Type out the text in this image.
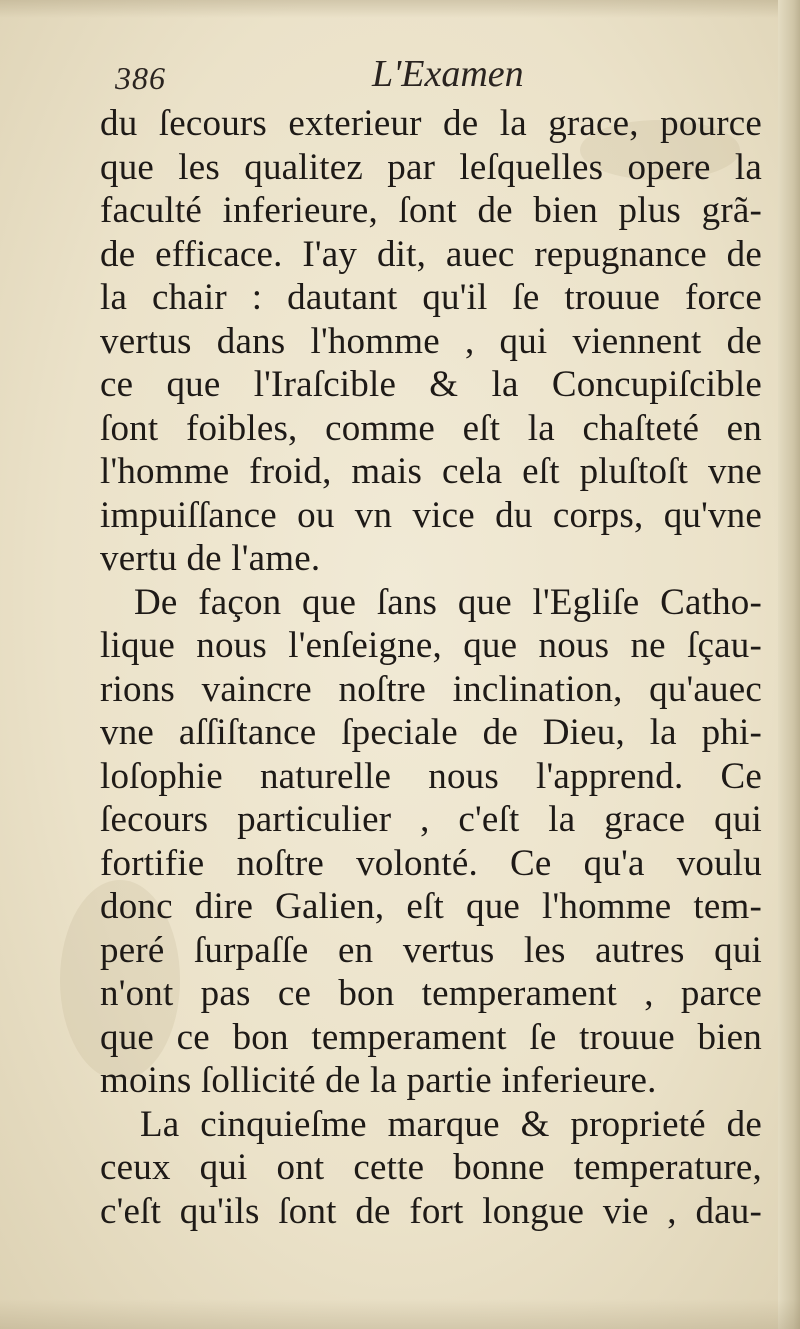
386	L'Examen
du ſecours exterieur de la grace, pource
que les qualitez par leſquelles opere la
faculté inferieure, ſont de bien plus grã-
de efficace. I'ay dit, auec repugnance de
la chair : dautant qu'il ſe trouue force
vertus dans l'homme , qui viennent de
ce que l'Iraſcible & la Concupiſcible
ſont foibles, comme eſt la chaſteté en
l'homme froid, mais cela eſt pluſtoſt vne
impuiſſance ou vn vice du corps, qu'vne
vertu de l'ame.
De façon que ſans que l'Egliſe Catho-
lique nous l'enſeigne, que nous ne ſçau-
rions vaincre noſtre inclination, qu'auec
vne aſſiſtance ſpeciale de Dieu, la phi-
loſophie naturelle nous l'apprend. Ce
ſecours particulier , c'eſt la grace qui
fortifie noſtre volonté. Ce qu'a voulu
donc dire Galien, eſt que l'homme tem-
peré ſurpaſſe en vertus les autres qui
n'ont pas ce bon temperament , parce
que ce bon temperament ſe trouue bien
moins ſollicité de la partie inferieure.
La cinquieſme marque & proprieté de
ceux qui ont cette bonne temperature,
c'eſt qu'ils ſont de fort longue vie , dau-
